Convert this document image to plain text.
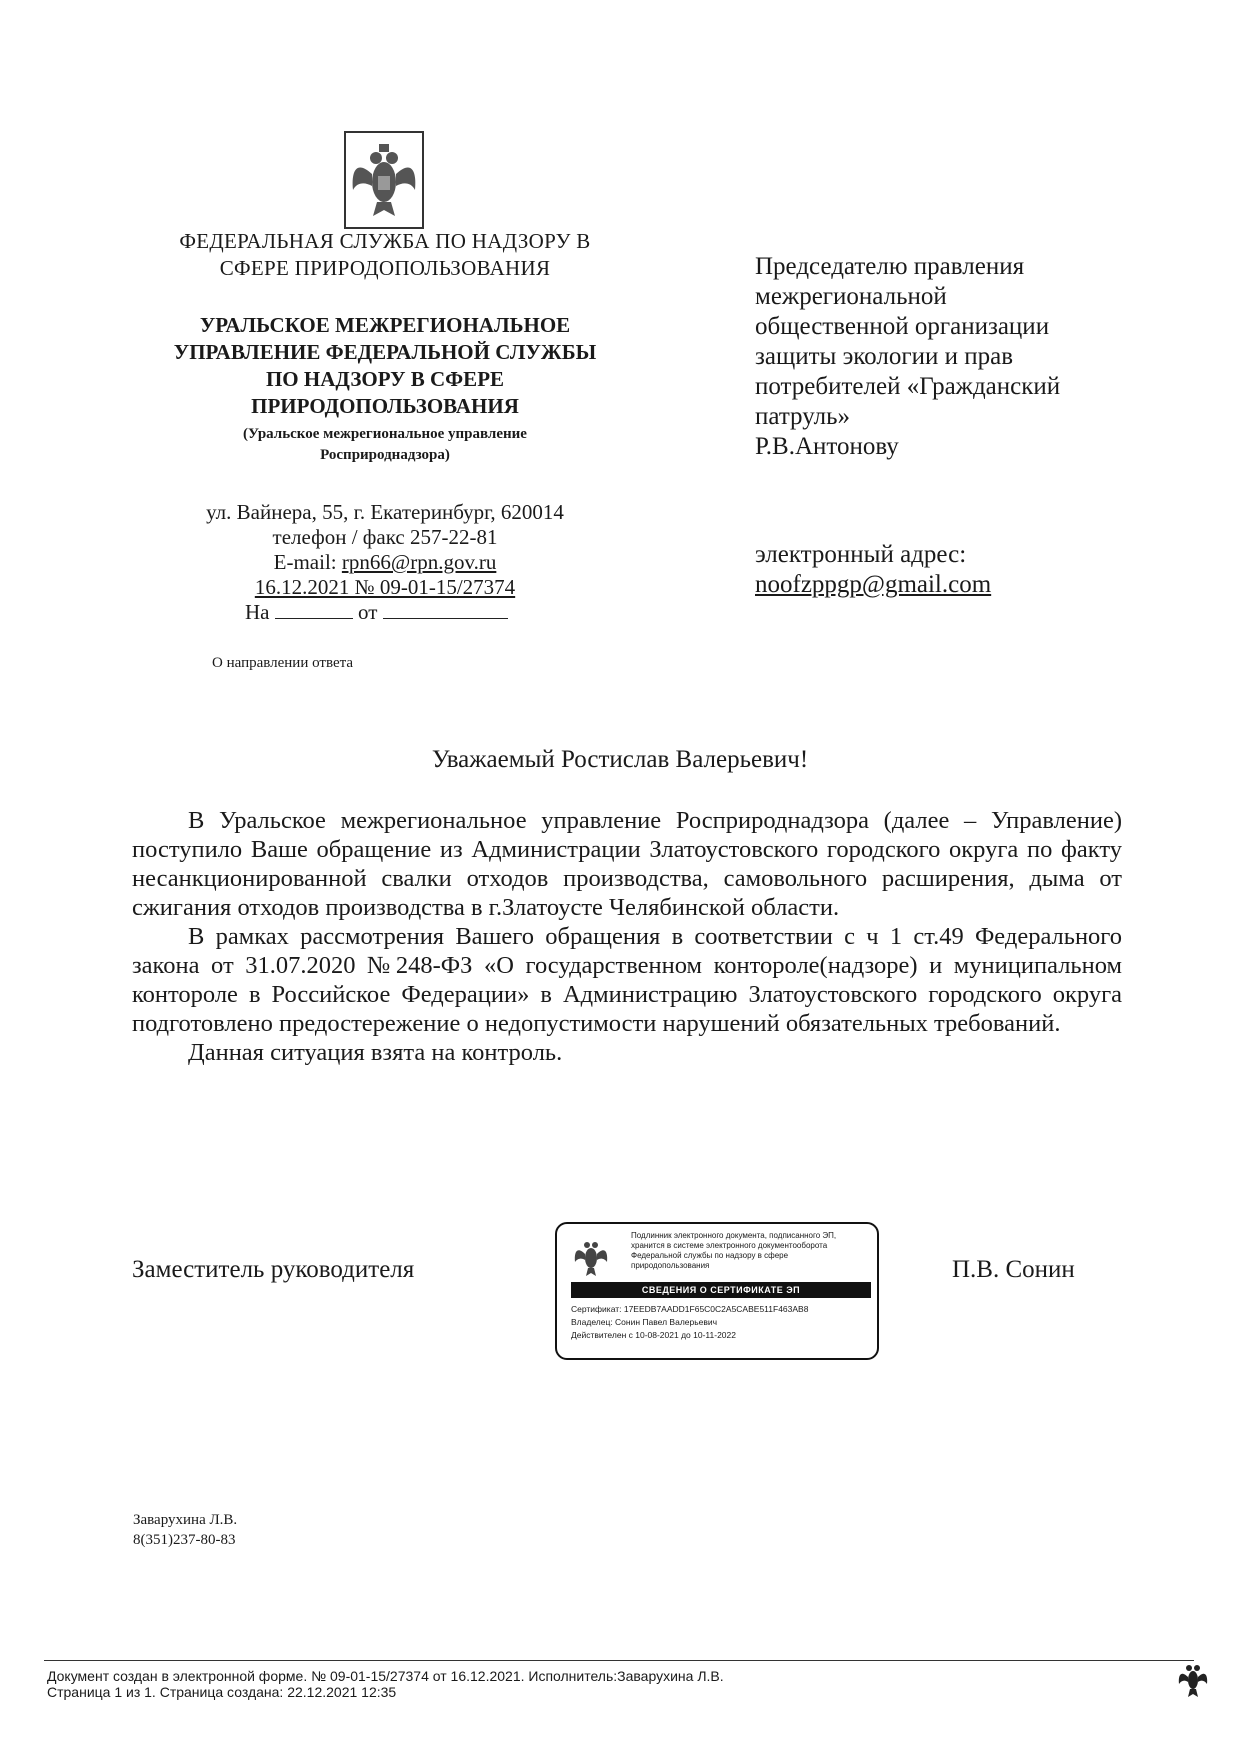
ФЕДЕРАЛЬНАЯ СЛУЖБА ПО НАДЗОРУ В
СФЕРЕ ПРИРОДОПОЛЬЗОВАНИЯ
УРАЛЬСКОЕ МЕЖРЕГИОНАЛЬНОЕ
УПРАВЛЕНИЕ ФЕДЕРАЛЬНОЙ СЛУЖБЫ
ПО НАДЗОРУ В СФЕРЕ
ПРИРОДОПОЛЬЗОВАНИЯ
(Уральское межрегиональное управление
Росприроднадзора)
ул. Вайнера, 55, г. Екатеринбург, 620014
телефон / факс 257-22-81
E-mail: rpn66@rpn.gov.ru
16.12.2021 № 09-01-15/27374
На	от
О направлении ответа
Председателю правления
межрегиональной
общественной организации
защиты экологии и прав
потребителей «Гражданский
патруль»
Р.В.Антонову
электронный адрес:
noofzppgp@gmail.com
Уважаемый Ростислав Валерьевич!

В Уральское межрегиональное управление Росприроднадзора (далее – Управление) поступило Ваше обращение из Администрации Златоустовского городского округа по факту несанкционированной свалки отходов производства, самовольного расширения, дыма от сжигания отходов производства в г.Златоусте Челябинской области.

В рамках рассмотрения Вашего обращения в соответствии с ч 1 ст.49 Федерального закона от 31.07.2020 №248-ФЗ «О государственном конторолe(надзоре) и муниципальном конторолe в Российское Федерации» в Администрацию Златоустовского городского округа подготовлено предостережение о недопустимости нарушений обязательных требований.

Данная ситуация взята на контроль.

Заместитель руководителя	П.В. Сонин
Подлинник электронного документа, подписанного ЭП,
хранится в системе электронного документооборота
Федеральной службы по надзору в сфере
природопользования
СВЕДЕНИЯ О СЕРТИФИКАТЕ ЭП
Сертификат: 17EEDB7AADD1F65C0C2A5CABE511F463AB8
Владелец: Сонин Павел Валерьевич
Действителен с 10-08-2021 до 10-11-2022
Заварухина Л.В.
8(351)237-80-83
Документ создан в электронной форме. № 09-01-15/27374 от 16.12.2021. Исполнитель:Заварухина Л.В.
Страница 1 из 1. Страница создана: 22.12.2021 12:35
